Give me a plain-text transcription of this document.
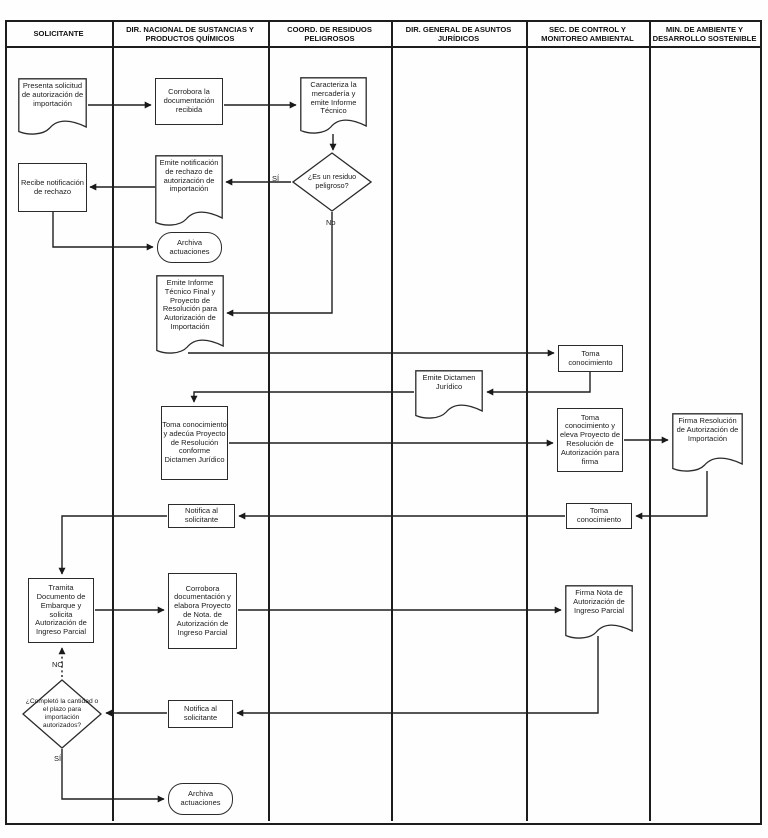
SOLICITANTE	DIR. NACIONAL DE SUSTANCIAS Y PRODUCTOS QUÍMICOS
COORD. DE RESIDUOS PELIGROSOS
DIR. GENERAL DE ASUNTOS JURÍDICOS
SEC. DE CONTROL Y MONITOREO AMBIENTAL
MIN. DE AMBIENTE Y DESARROLLO SOSTENIBLE
SÍ
No
NO
SÍ
Presenta solicitud de autorización de importación
Corrobora la documentación recibida
Caracteriza la mercadería y emite Informe Técnico
¿Es un residuo peligroso?
Emite notificación de rechazo de autorización de importación
Recibe notificación de rechazo
Archiva actuaciones
Emite Informe Técnico Final y Proyecto de Resolución para Autorización de Importación
Toma conocimiento
Emite Dictamen Jurídico
Toma conocimiento y adecúa Proyecto de Resolución conforme Dictamen Jurídico
Toma conocimiento y eleva Proyecto de Resolución de Autorización para firma
Firma Resolución de Autorización de Importación
Notifica al solicitante
Toma conocimiento
Tramita Documento de Embarque y solicita Autorización de Ingreso Parcial
Corrobora documentación y elabora Proyecto de Nota. de Autorización de Ingreso Parcial
Firma Nota de Autorización de Ingreso Parcial
¿Completó la cantidad o el plazo para importación autorizados?
Notifica al solicitante
Archiva actuaciones
